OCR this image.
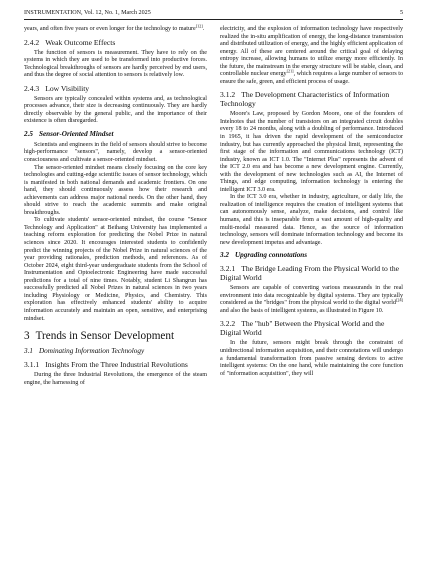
INSTRUMENTATION, Vol. 12, No. 1, March 2025	5

years, and often five years or even longer for the technology to mature[12].

2.4.2 Weak Outcome Effects

The function of sensors is measurement. They have to rely on the systems in which they are used to be transformed into productive forces. Technological breakthroughs of sensors are hardly perceived by end users, and thus the degree of social attention to sensors is relatively low.

2.4.3 Low Visibility

Sensors are typically concealed within systems and, as technological processes advance, their size is decreasing continuously. They are hardly directly observable by the general public, and the importance of their existence is often disregarded.

2.5 Sensor-Oriented Mindset

Scientists and engineers in the field of sensors should strive to become high-performance "sensors", namely, develop a sensor-oriented consciousness and cultivate a sensor-oriented mindset.

The sensor-oriented mindset means closely focusing on the core key technologies and cutting-edge scientific issues of sensor technology, which is manifested in both national demands and academic frontiers. On one hand, they should continuously assess how their research and achievements can address major national needs. On the other hand, they should strive to reach the academic summits and make original breakthroughs.

To cultivate students' sensor-oriented mindset, the course "Sensor Technology and Application" at Beihang University has implemented a teaching reform exploration for predicting the Nobel Prize in natural sciences since 2020. It encourages interested students to confidently predict the winning projects of the Nobel Prize in natural sciences of the year providing rationales, prediction methods, and references. As of October 2024, eight third-year undergraduate students from the School of Instrumentation and Optoelectronic Engineering have made successful predictions for a total of nine times. Notably, student Li Shangrun has successfully predicted all Nobel Prizes in natural sciences in two years including Physiology or Medicine, Physics, and Chemistry. This exploration has effectively enhanced students' ability to acquire information accurately and maintain an open, sensitive, and enterprising mindset.

3 Trends in Sensor Development
3.1 Dominating Information Technology
3.1.1 Insights From the Three Industrial Revolutions

During the three Industrial Revolutions, the emergence of the steam engine, the harnessing of

electricity, and the explosion of information technology have respectively realized the in-situ amplification of energy, the long-distance transmission and distributed utilization of energy, and the highly efficient application of energy. All of these are centered around the critical goal of delaying entropy increase, allowing humans to utilize energy more efficiently. In the future, the mainstream in the energy structure will be stable, clean, and controllable nuclear energy[21], which requires a large number of sensors to ensure the safe, green, and efficient process of usage.

3.1.2 The Development Characteristics of Information Technology

Moore's Law, proposed by Gordon Moore, one of the founders of Intelnotes that the number of transistors on an integrated circuit doubles every 18 to 24 months, along with a doubling of performance. Introduced in 1965, it has driven the rapid development of the semiconductor industry, but has currently approached the physical limit, representing the first stage of the information and communications technology (ICT) industry, known as ICT 1.0. The "Internet Plus" represents the advent of the ICT 2.0 era and has become a new development engine. Currently, with the development of new technologies such as AI, the Internet of Things, and edge computing, information technology is entering the intelligent ICT 3.0 era.

In the ICT 3.0 era, whether in industry, agriculture, or daily life, the realization of intelligence requires the creation of intelligent systems that can autonomously sense, analyze, make decisions, and control like humans, and this is inseparable from a vast amount of high-quality and multi-modal measured data. Hence, as the source of information technology, sensors will dominate information technology and become its new development impetus and advantage.

3.2 Upgrading connotations
3.2.1 The Bridge Leading From the Physical World to the Digital World

Sensors are capable of converting various measurands in the real environment into data recognizable by digital systems. They are typically considered as the "bridges" from the physical world to the digital world[24] and also the basis of intelligent systems, as illustrated in Figure 10.

3.2.2 The "hub" Between the Physical World and the Digital World

In the future, sensors might break through the constraint of unidirectional information acquisition, and their connotations will undergo a fundamental transformation from passive sensing devices to active intelligent systems: On the one hand, while maintaining the core function of "information acquisition", they will
